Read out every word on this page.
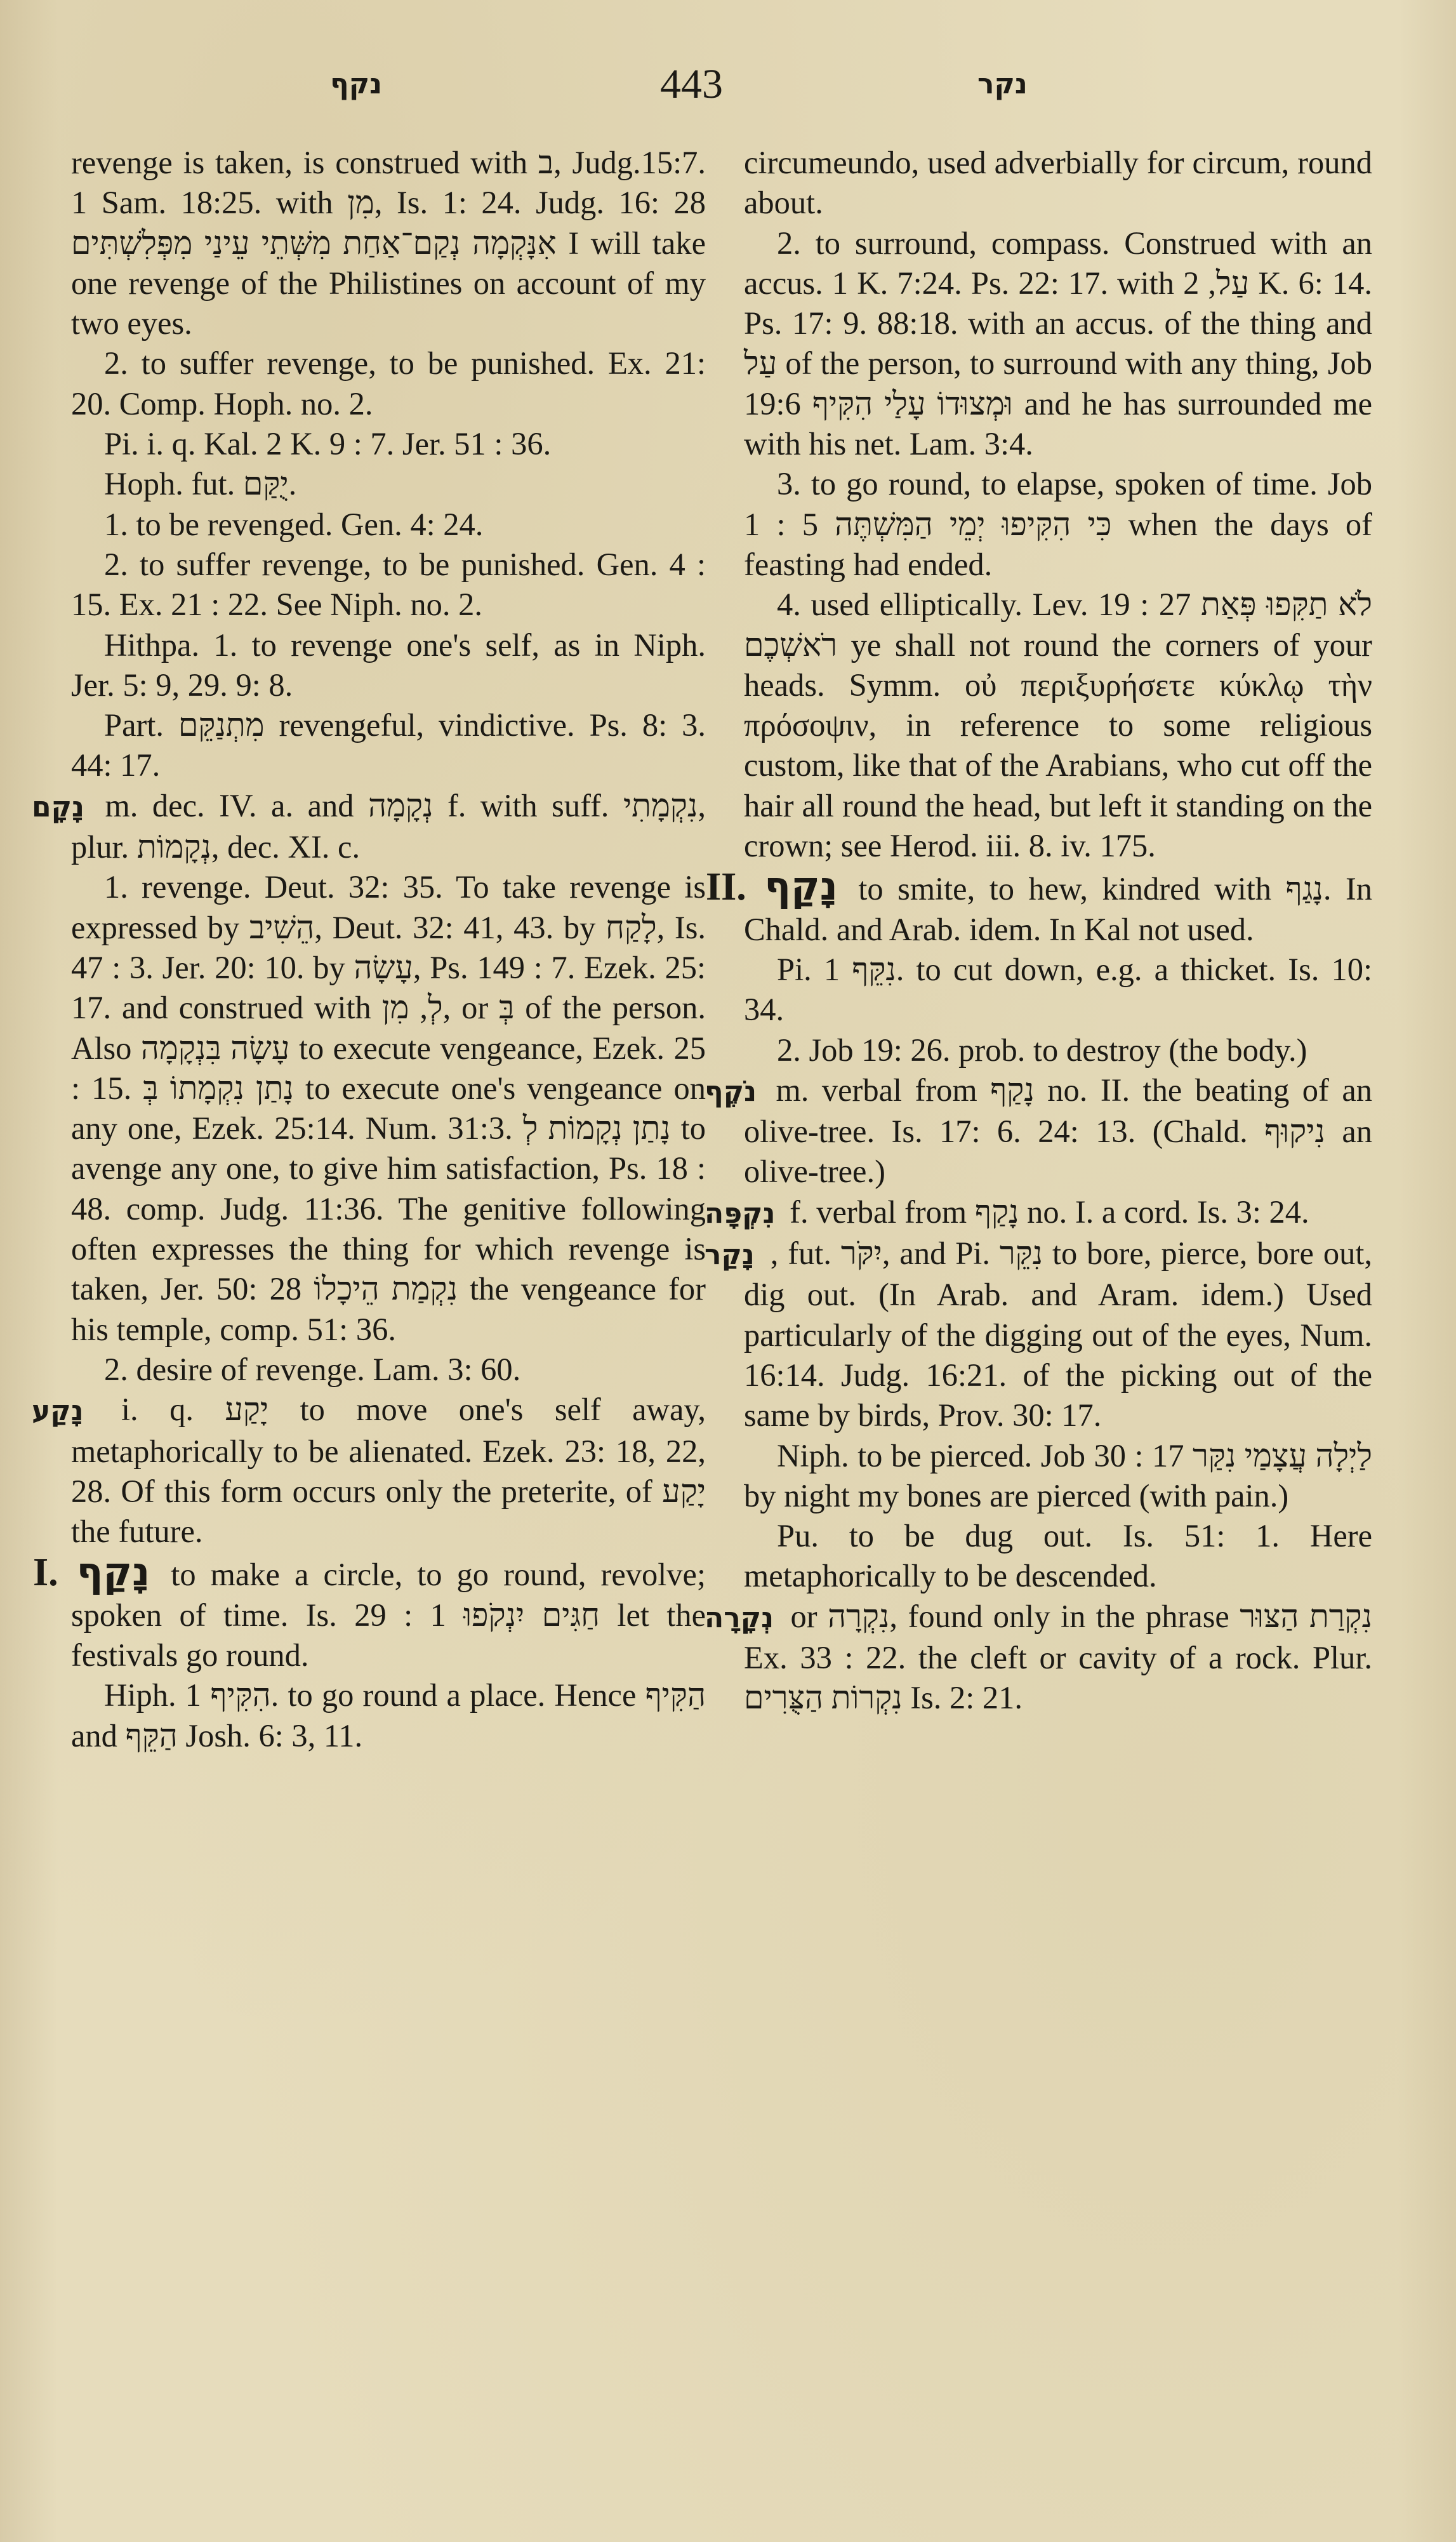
נקף	443	נקר

revenge is taken, is construed with ב, Judg.15:7. 1 Sam. 18:25. with מִן, Is. 1: 24. Judg. 16: 28 אִנָּקְמָה נְקַם־אַחַת מִשְּׁתֵי עֵינַי מִפְּלִשְׁתִּים I will take one revenge of the Philistines on account of my two eyes.

2. to suffer revenge, to be punished. Ex. 21: 20. Comp. Hoph. no. 2.

Pi. i. q. Kal. 2 K. 9 : 7. Jer. 51 : 36.

Hoph. fut. יֻקַּם.

1. to be revenged. Gen. 4: 24.

2. to suffer revenge, to be punished. Gen. 4 : 15. Ex. 21 : 22. See Niph. no. 2.

Hithpa. 1. to revenge one's self, as in Niph. Jer. 5: 9, 29. 9: 8.

Part. מִתְנַקֵּם revengeful, vindictive. Ps. 8: 3. 44: 17.

נָקָם m. dec. IV. a. and נְקָמָה f. with suff. נִקְמָתִי, plur. נְקָמוֹת, dec. XI. c.

1. revenge. Deut. 32: 35. To take revenge is expressed by הֵשִׁיב, Deut. 32: 41, 43. by לָקַח, Is. 47 : 3. Jer. 20: 10. by עָשָׂה, Ps. 149 : 7. Ezek. 25: 17. and construed with לְ, מִן, or בְּ of the person. Also עָשָׂה בִּנְקָמָה to execute vengeance, Ezek. 25 : 15. נָתַן נִקְמָתוֹ בְּ to execute one's vengeance on any one, Ezek. 25:14. Num. 31:3. נָתַן נְקָמוֹת לְ to avenge any one, to give him satisfaction, Ps. 18 : 48. comp. Judg. 11:36. The genitive following often expresses the thing for which revenge is taken, Jer. 50: 28 נִקְמַת הֵיכָלוֹ the vengeance for his temple, comp. 51: 36.

2. desire of revenge. Lam. 3: 60.

נָקַע i. q. יָקַע to move one's self away, metaphorically to be alienated. Ezek. 23: 18, 22, 28. Of this form occurs only the preterite, of יָקַע the future.

I. נָקַף to make a circle, to go round, revolve; spoken of time. Is. 29 : 1 חַגִּים יִנְקֹפוּ let the festivals go round.

Hiph. הִקִּיף 1. to go round a place. Hence הַקִּיף and הַקֵּף Josh. 6: 3, 11.

circumeundo, used adverbially for circum, round about.

2. to surround, compass. Construed with an accus. 1 K. 7:24. Ps. 22: 17. with עַל, 2 K. 6: 14. Ps. 17: 9. 88:18. with an accus. of the thing and עַל of the person, to surround with any thing, Job 19:6 וּמְצוּדוֹ עָלַי הִקִּיף and he has surrounded me with his net. Lam. 3:4.

3. to go round, to elapse, spoken of time. Job 1 : 5 כִּי הִקִּיפוּ יְמֵי הַמִּשְׁתֶּה when the days of feasting had ended.

4. used elliptically. Lev. 19 : 27 לֹא תַקִּפוּ פְּאַת רֹאשְׁכֶם ye shall not round the corners of your heads. Symm. οὐ περιξυρήσετε κύκλῳ τὴν πρόσοψιν, in reference to some religious custom, like that of the Arabians, who cut off the hair all round the head, but left it standing on the crown; see Herod. iii. 8. iv. 175.

II. נָקַף to smite, to hew, kindred with נָגַף. In Chald. and Arab. idem. In Kal not used.

Pi. נִקֵּף 1. to cut down, e.g. a thicket. Is. 10: 34.

2. Job 19: 26. prob. to destroy (the body.)

נֹקֶף m. verbal from נָקַף no. II. the beating of an olive-tree. Is. 17: 6. 24: 13. (Chald. נִיקוּף an olive-tree.)

נִקְפָּה f. verbal from נָקַף no. I. a cord. Is. 3: 24.

נָקַר , fut. יִקֹּר, and Pi. נִקֵּר to bore, pierce, bore out, dig out. (In Arab. and Aram. idem.) Used particularly of the digging out of the eyes, Num. 16:14. Judg. 16:21. of the picking out of the same by birds, Prov. 30: 17.

Niph. to be pierced. Job 30 : 17 לַיְלָה עֲצָמַי נִקַּר by night my bones are pierced (with pain.)

Pu. to be dug out. Is. 51: 1. Here metaphorically to be descended.

נְקָרָה or נִקְרָה, found only in the phrase נִקְרַת הַצּוּר Ex. 33 : 22. the cleft or cavity of a rock. Plur. נִקְרוֹת הַצֻּרִים Is. 2: 21.
